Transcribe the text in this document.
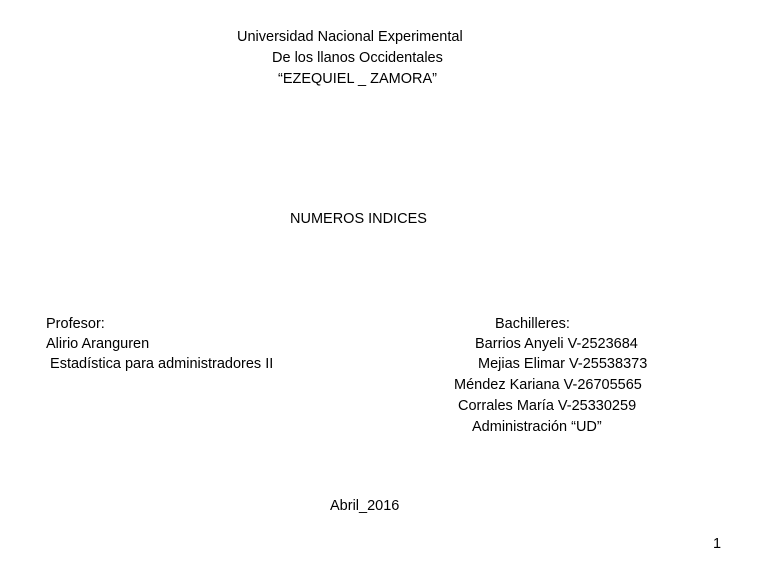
Universidad Nacional Experimental
De los llanos Occidentales
“EZEQUIEL _ ZAMORA”
NUMEROS INDICES
Profesor:
Alirio Aranguren
Estadística para administradores II
Bachilleres:
Barrios Anyeli V-2523684
Mejias Elimar V-25538373
Méndez Kariana V-26705565
Corrales María V-25330259
Administración “UD”
Abril_2016
1
